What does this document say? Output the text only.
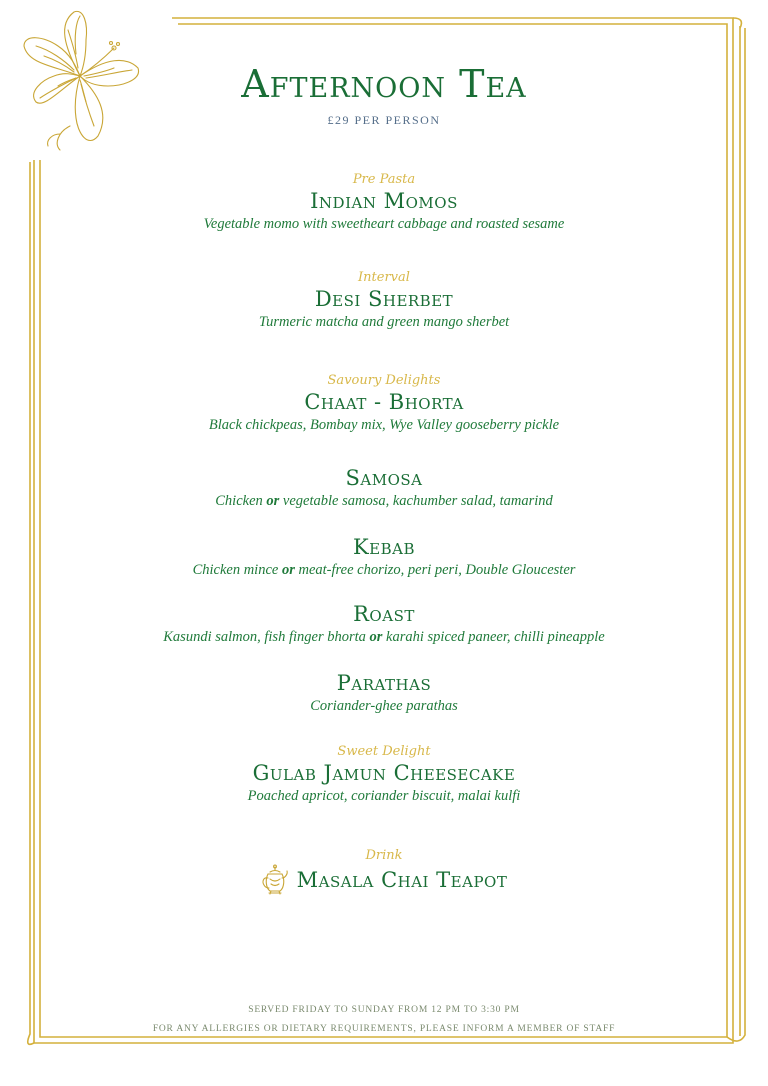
Afternoon Tea
£29 PER PERSON
Pre Pasta
Indian Momos
Vegetable momo with sweetheart cabbage and roasted sesame
Interval
Desi Sherbet
Turmeric matcha and green mango sherbet
Savoury Delights
Chaat - Bhorta
Black chickpeas, Bombay mix, Wye Valley gooseberry pickle
Samosa
Chicken or vegetable samosa, kachumber salad, tamarind
Kebab
Chicken mince or meat-free chorizo, peri peri, Double Gloucester
Roast
Kasundi salmon, fish finger bhorta or karahi spiced paneer, chilli pineapple
Parathas
Coriander-ghee parathas
Sweet Delight
Gulab Jamun Cheesecake
Poached apricot, coriander biscuit, malai kulfi
Drink
Masala Chai Teapot
SERVED FRIDAY TO SUNDAY FROM 12 PM TO 3:30 PM
FOR ANY ALLERGIES OR DIETARY REQUIREMENTS, PLEASE INFORM A MEMBER OF STAFF
